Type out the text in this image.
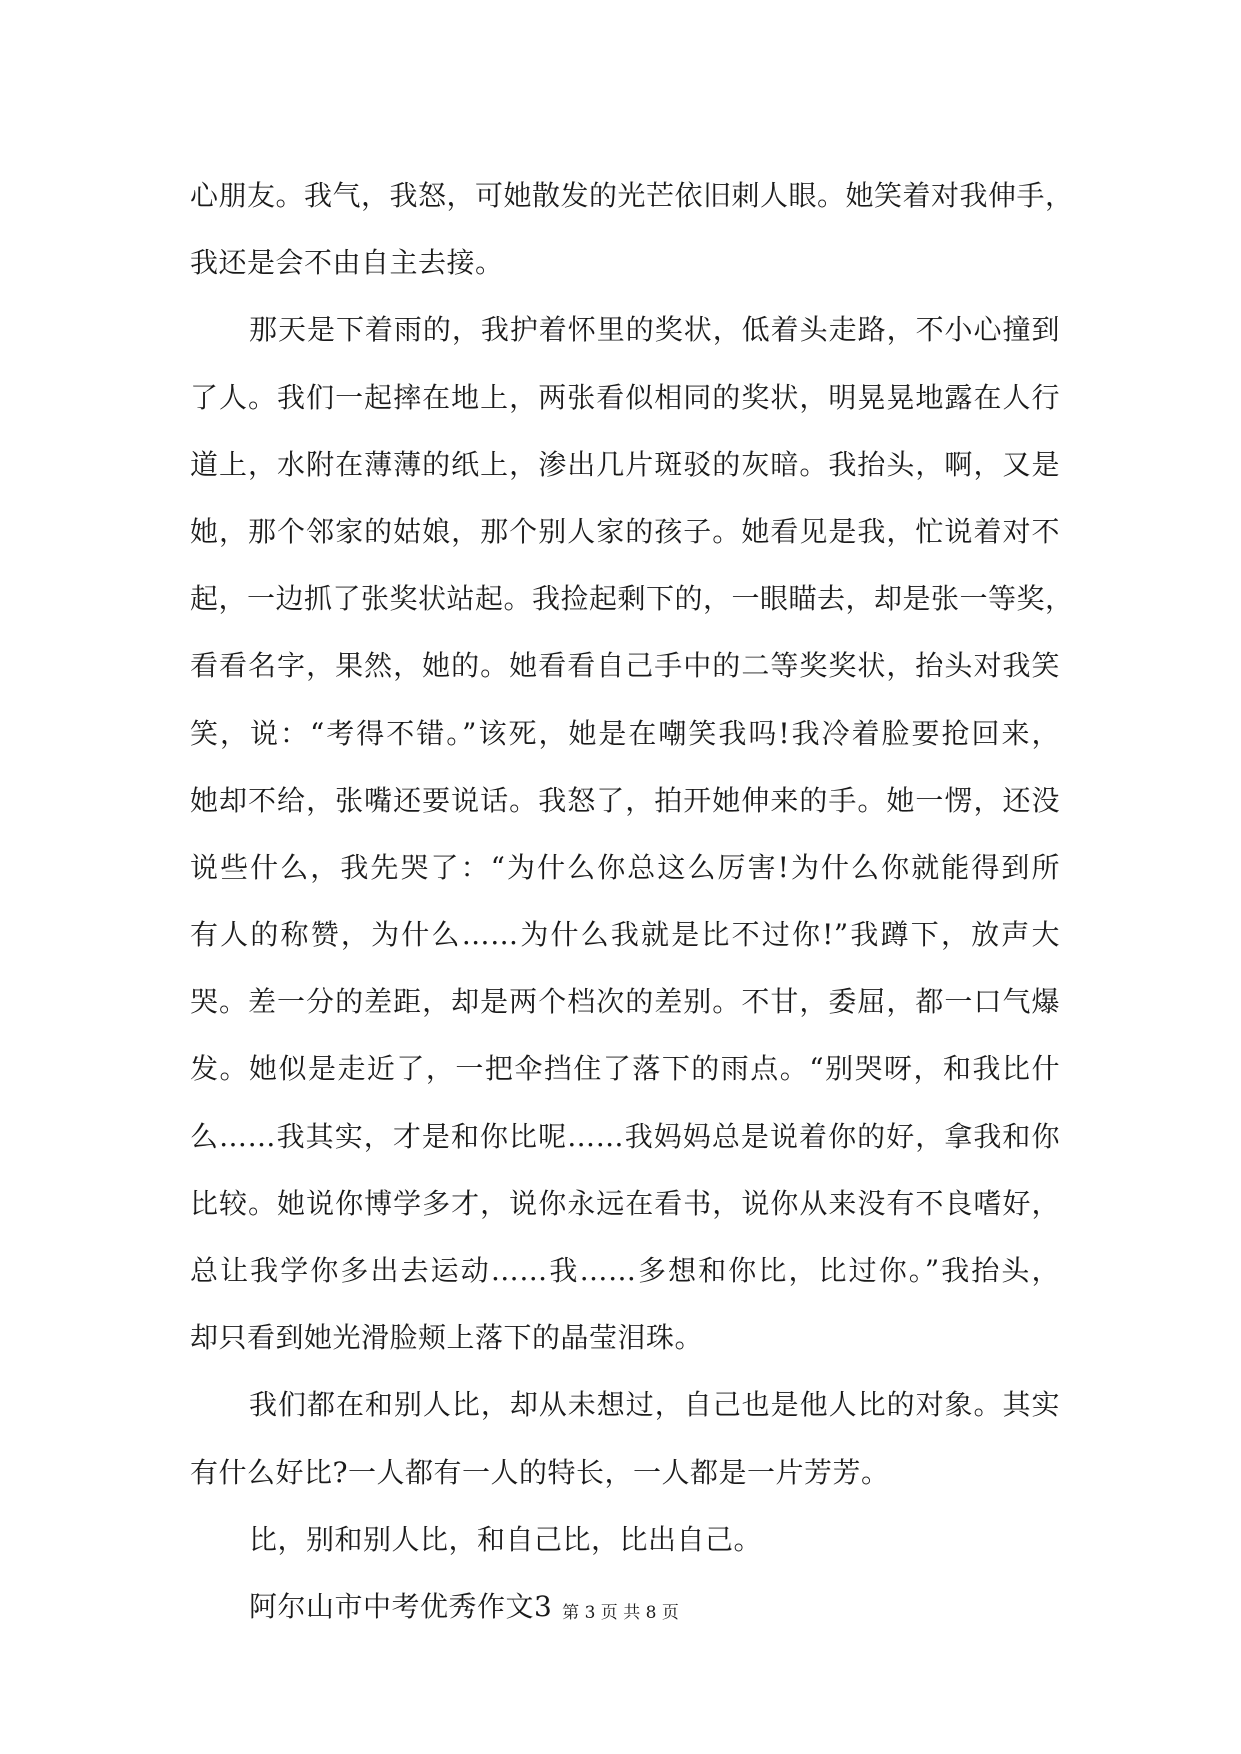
心朋友。我气，我怒，可她散发的光芒依旧刺人眼。她笑着对我伸手，
我还是会不由自主去接。
那天是下着雨的，我护着怀里的奖状，低着头走路，不小心撞到
了人。我们一起摔在地上，两张看似相同的奖状，明晃晃地露在人行
道上，水附在薄薄的纸上，渗出几片斑驳的灰暗。我抬头，啊，又是
她，那个邻家的姑娘，那个别人家的孩子。她看见是我，忙说着对不
起，一边抓了张奖状站起。我捡起剩下的，一眼瞄去，却是张一等奖，
看看名字，果然，她的。她看看自己手中的二等奖奖状，抬头对我笑
笑，说：“考得不错。”该死，她是在嘲笑我吗!我冷着脸要抢回来，
她却不给，张嘴还要说话。我怒了，拍开她伸来的手。她一愣，还没
说些什么，我先哭了：“为什么你总这么厉害!为什么你就能得到所
有人的称赞，为什么……为什么我就是比不过你!”我蹲下，放声大
哭。差一分的差距，却是两个档次的差别。不甘，委屈，都一口气爆
发。她似是走近了，一把伞挡住了落下的雨点。“别哭呀，和我比什
么……我其实，才是和你比呢……我妈妈总是说着你的好，拿我和你
比较。她说你博学多才，说你永远在看书，说你从来没有不良嗜好，
总让我学你多出去运动……我……多想和你比，比过你。”我抬头，
却只看到她光滑脸颊上落下的晶莹泪珠。
我们都在和别人比，却从未想过，自己也是他人比的对象。其实
有什么好比?一人都有一人的特长，一人都是一片芳芳。
比，别和别人比，和自己比，比出自己。
阿尔山市中考优秀作文3 第 3 页 共 8 页
